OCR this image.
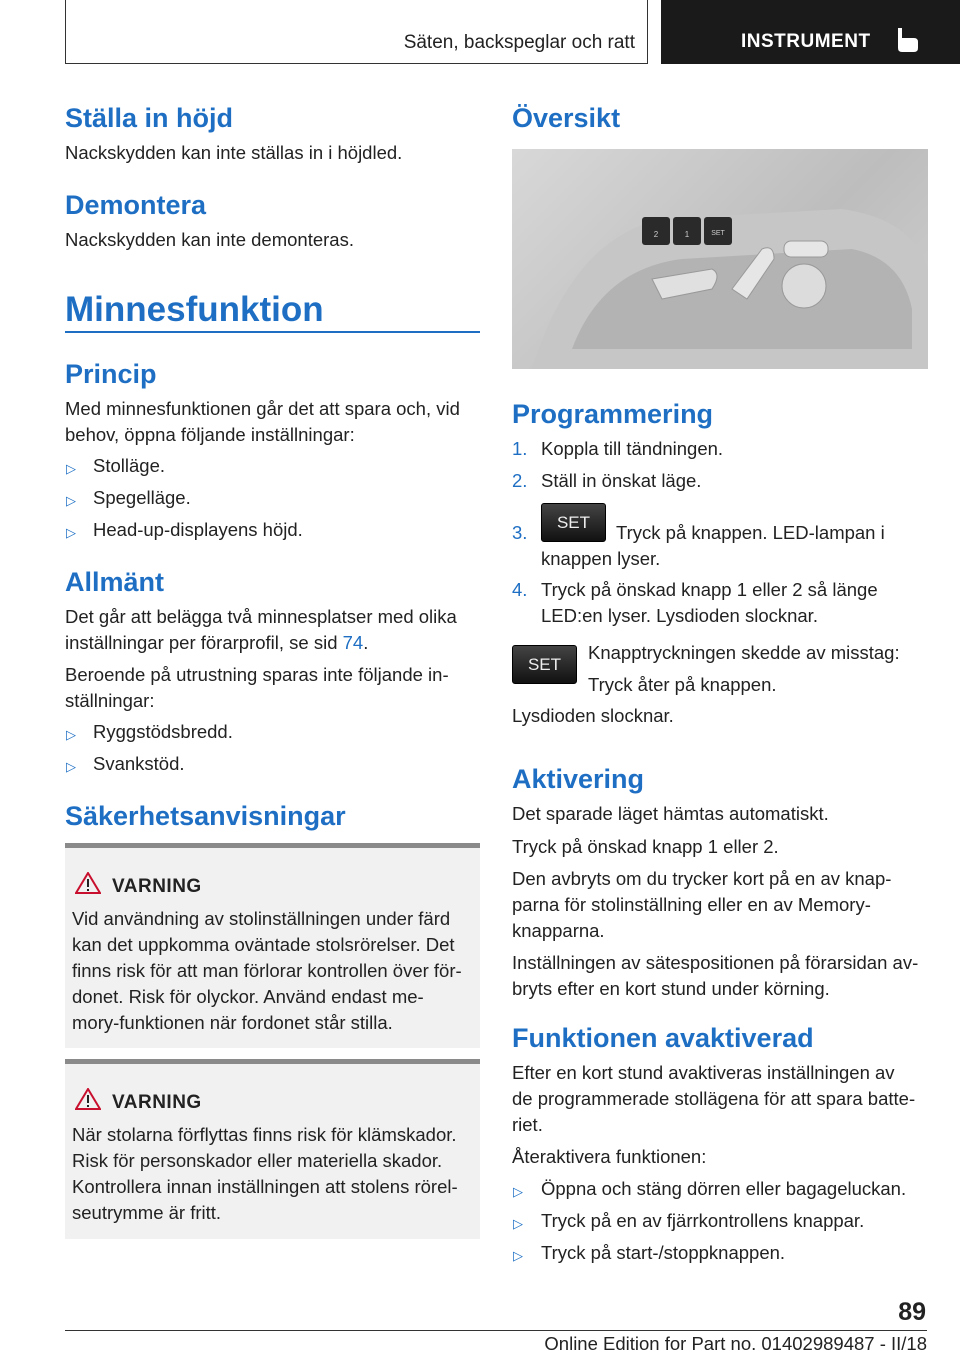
Säten, backspeglar och ratt	INSTRUMENT
Ställa in höjd
Nackskydden kan inte ställas in i höjdled.
Demontera
Nackskydden kan inte demonteras.
Minnesfunktion
Princip
Med minnesfunktionen går det att spara och, vid
behov, öppna följande inställningar:
▷ Stolläge.
▷ Spegelläge.
▷ Head-up-displayens höjd.
Allmänt
Det går att belägga två minnesplatser med olika
inställningar per förarprofil, se sid 74.
Beroende på utrustning sparas inte följande in-
ställningar:
▷ Ryggstödsbredd.
▷ Svankstöd.
Säkerhetsanvisningar
VARNING
Vid användning av stolinställningen under färd
kan det uppkomma oväntade stolsrörelser. Det
finns risk för att man förlorar kontrollen över för-
donet. Risk för olyckor. Använd endast me-
mory-funktionen när fordonet står stilla.
VARNING
När stolarna förflyttas finns risk för klämskador.
Risk för personskador eller materiella skador.
Kontrollera innan inställningen att stolens rörel-
seutrymme är fritt.
Översikt
2	1	SET
Programmering
1. Koppla till tändningen.
2. Ställ in önskat läge.
3.	SET	Tryck på knappen. LED-lampan i
knappen lyser.
4. Tryck på önskad knapp 1 eller 2 så länge
LED:en lyser. Lysdioden slocknar.
SET
Knapptryckningen skedde av misstag:
Tryck åter på knappen.
Lysdioden slocknar.
Aktivering
Det sparade läget hämtas automatiskt.
Tryck på önskad knapp 1 eller 2.
Den avbryts om du trycker kort på en av knap-
parna för stolinställning eller en av Memory-
knapparna.
Inställningen av sätespositionen på förarsidan av-
bryts efter en kort stund under körning.
Funktionen avaktiverad
Efter en kort stund avaktiveras inställningen av
de programmerade stollägena för att spara batte-
riet.
Återaktivera funktionen:
▷ Öppna och stäng dörren eller bagageluckan.
▷ Tryck på en av fjärrkontrollens knappar.
▷ Tryck på start-/stoppknappen.
89
Online Edition for Part no. 01402989487 - II/18
